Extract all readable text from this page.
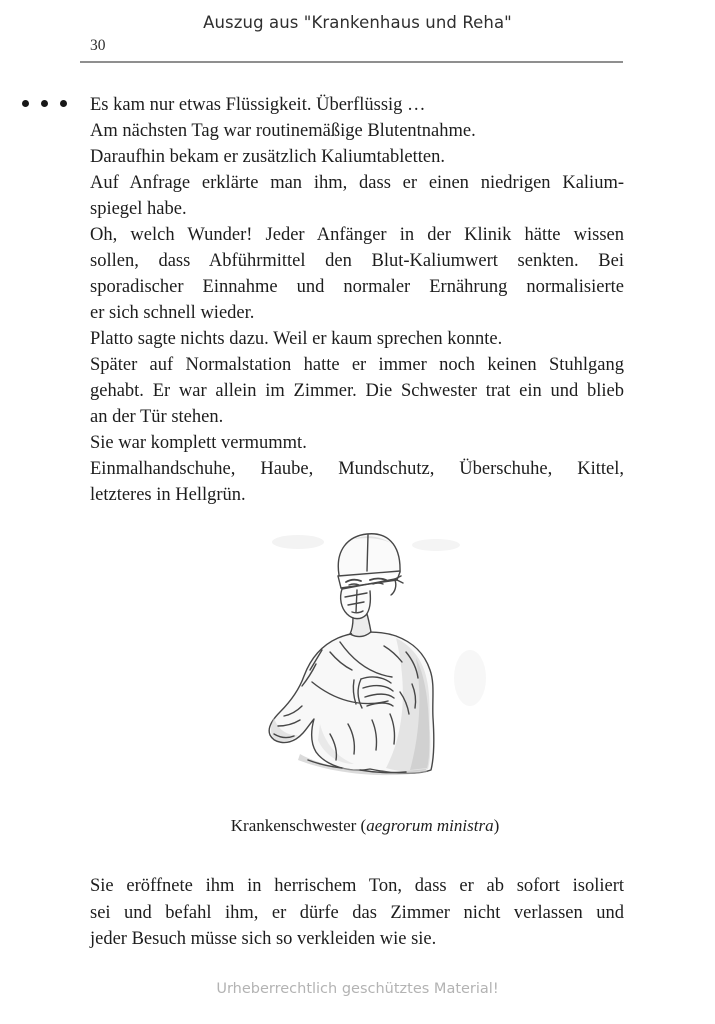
Auszug aus "Krankenhaus und Reha"
30
Es kam nur etwas Flüssigkeit. Überflüssig …
Am nächsten Tag war routinemäßige Blutentnahme.
Daraufhin bekam er zusätzlich Kaliumtabletten.
Auf Anfrage erklärte man ihm, dass er einen niedrigen Kalium-
spiegel habe.
Oh, welch Wunder! Jeder Anfänger in der Klinik hätte wissen
sollen, dass Abführmittel den Blut-Kaliumwert senkten. Bei
sporadischer Einnahme und normaler Ernährung normalisierte
er sich schnell wieder.
Platto sagte nichts dazu. Weil er kaum sprechen konnte.
Später auf Normalstation hatte er immer noch keinen Stuhlgang
gehabt. Er war allein im Zimmer. Die Schwester trat ein und blieb
an der Tür stehen.
Sie war komplett vermummt.
Einmalhandschuhe, Haube, Mundschutz, Überschuhe, Kittel,
letzteres in Hellgrün.
Krankenschwester (aegrorum ministra)
Sie eröffnete ihm in herrischem Ton, dass er ab sofort isoliert
sei und befahl ihm, er dürfe das Zimmer nicht verlassen und
jeder Besuch müsse sich so verkleiden wie sie.
Urheberrechtlich geschütztes Material!
